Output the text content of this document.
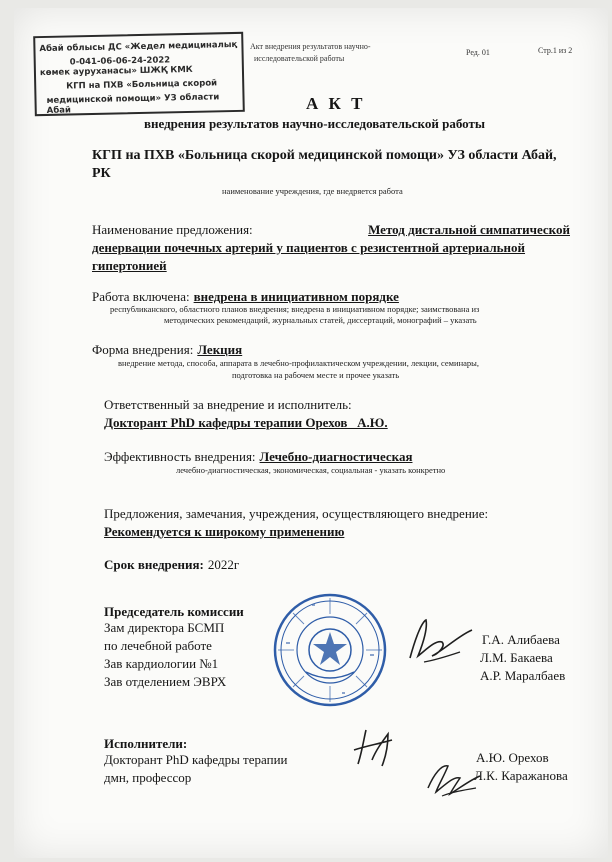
Абай облысы ДС «Жедел медициналық
0-041-06-06-24-2022
көмек ауруханасы» ШЖҚ КМК
КГП на ПХВ «Больница скорой
медицинской помощи» УЗ области Абай
Акт внедрения результатов научно-
исследовательской работы
Ред. 01	Стр.1 из 2
А К Т
внедрения результатов научно-исследовательской работы
КГП на ПХВ «Больница скорой медицинской помощи» УЗ области Абай,
РК
наименование учреждения, где внедряется работа
Наименование предложения:	Метод дистальной симпатической
денервации почечных артерий у пациентов с резистентной артериальной
гипертонией
Работа включена: внедрена в инициативном порядке
республиканского, областного планов внедрения; внедрена в инициативном порядке; заимствована из
методических рекомендаций, журнальных статей, диссертаций, монографий – указать
Форма внедрения: Лекция
внедрение метода, способа, аппарата в лечебно-профилактическом учреждении, лекции, семинары,
подготовка на рабочем месте и прочее указать
Ответственный за внедрение и исполнитель:
Докторант PhD кафедры терапии Орехов   А.Ю.
Эффективность внедрения: Лечебно-диагностическая
лечебно-диагностическая, экономическая, социальная - указать конкретно
Предложения, замечания, учреждения, осуществляющего внедрение:
Рекомендуется к широкому применению
Срок внедрения: 2022г
Председатель комиссии
Зам директора БСМП
по лечебной работе
Зав кардиологии №1
Зав отделением ЭВРХ
Г.А. Алибаева
Л.М. Бакаева
А.Р. Маралбаев
Исполнители:
Докторант PhD кафедры терапии
дмн, профессор
А.Ю. Орехов
Л.К. Каражанова
